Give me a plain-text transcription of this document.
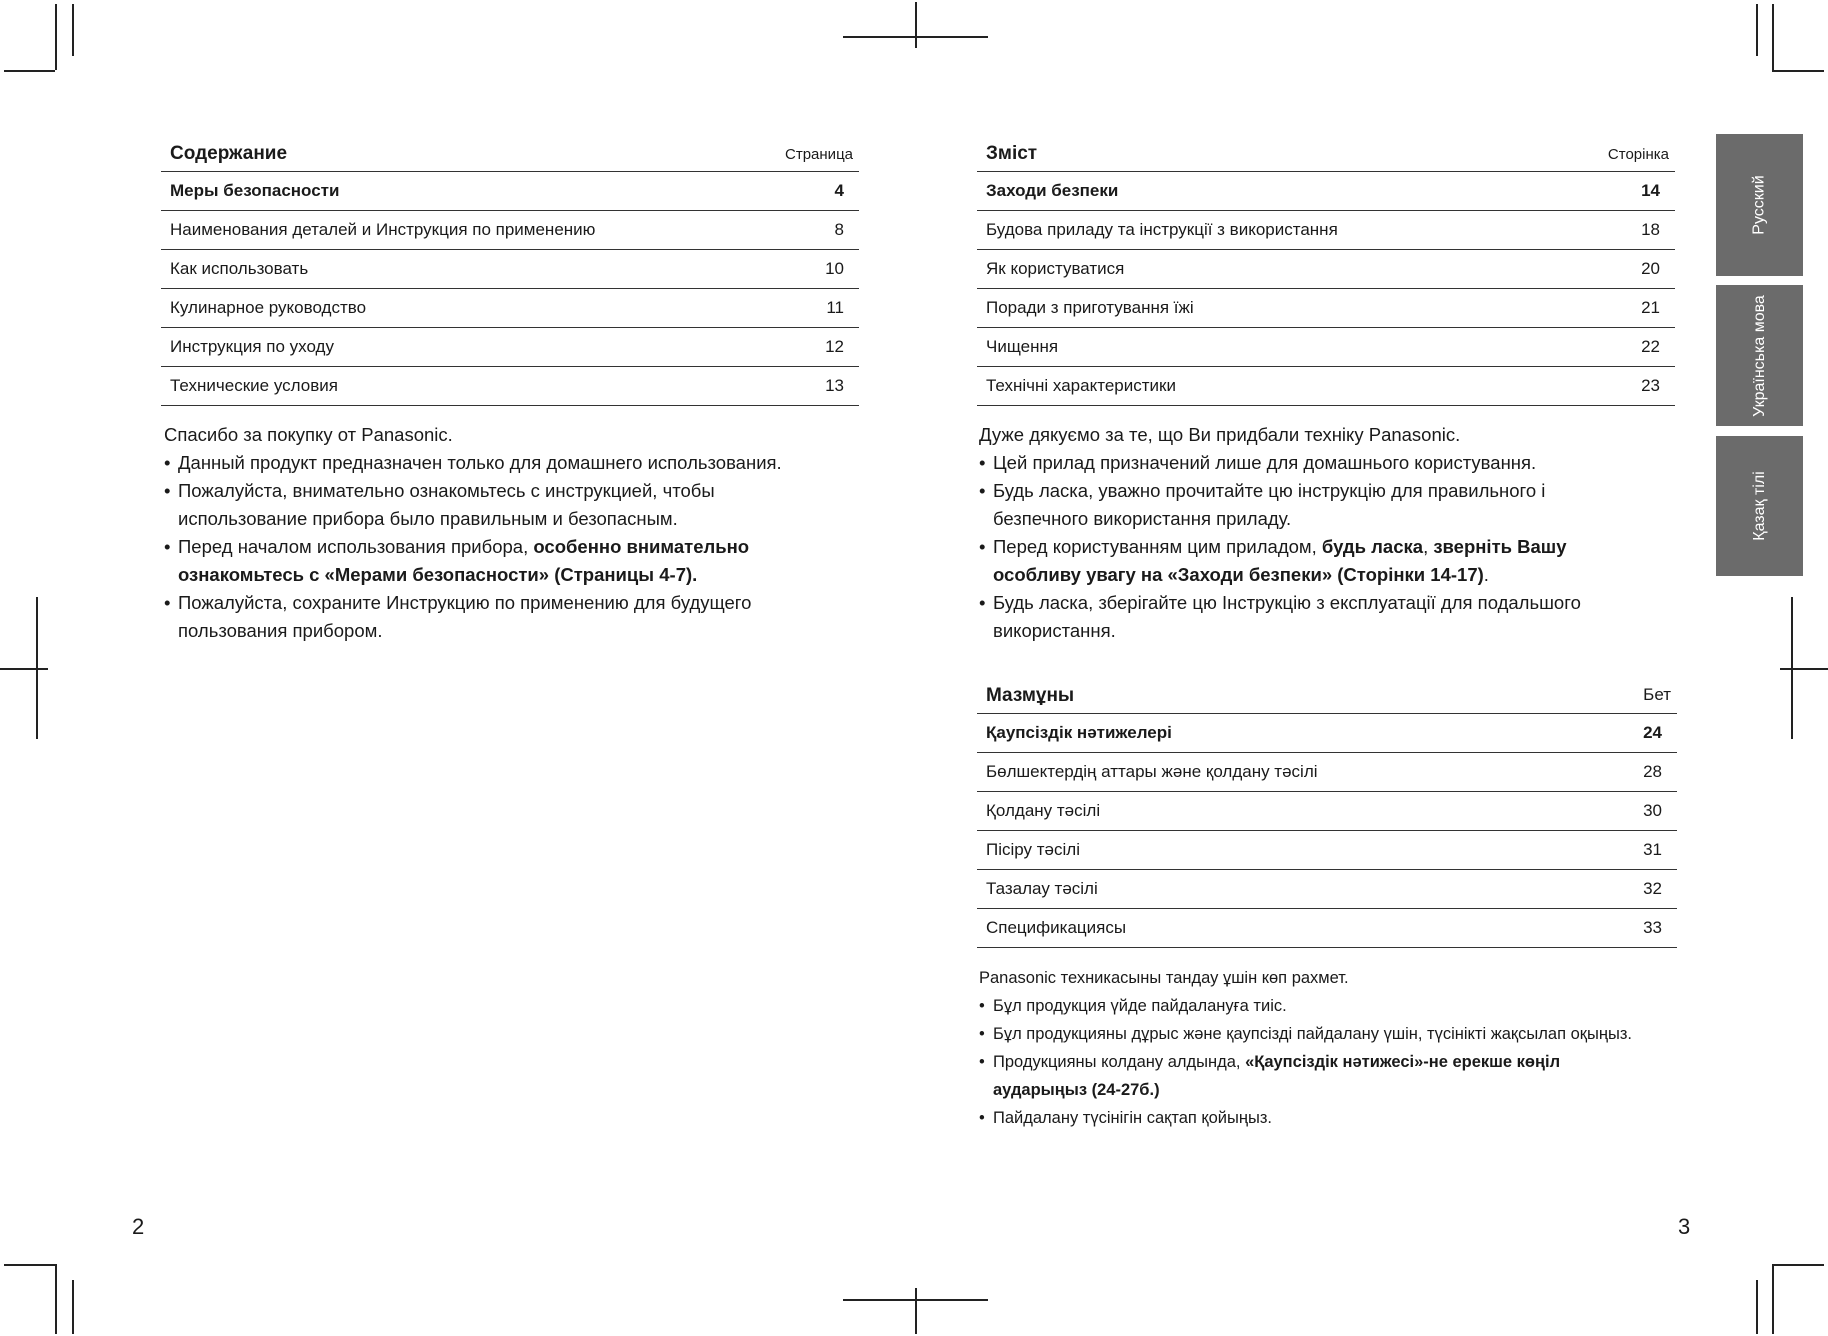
Содержание	Страница
Меры безопасности	4
Наименования деталей и Инструкция по применению	8
Как использовать	10
Кулинарное руководство	11
Инструкция по уходу	12
Технические условия	13

Спасибо за покупку от Panasonic.

• Данный продукт предназначен только для домашнего использования.

• Пожалуйста, внимательно ознакомьтесь с инструкцией, чтобы использование прибора было правильным и безопасным.

• Перед началом использования прибора, особенно внимательно ознакомьтесь с «Мерами безопасности» (Страницы 4-7).

• Пожалуйста, сохраните Инструкцию по применению для будущего пользования прибором.

2
Зміст	Сторінка
Заходи безпеки	14
Будова приладу та інструкції з використання	18
Як користуватися	20
Поради з приготування їжі	21
Чищення	22
Технічні характеристики	23

Дуже дякуємо за те, що Ви придбали техніку Panasonic.

• Цей прилад призначений лише для домашнього користування.

• Будь ласка, уважно прочитайте цю інструкцію для правильного і безпечного використання приладу.

• Перед користуванням цим приладом, будь ласка, зверніть Вашу особливу увагу на «Заходи безпеки» (Сторінки 14-17).

• Будь ласка, зберігайте цю Інструкцію з експлуатації для подальшого використання.

Мазмұны	Бет
Қаупсіздік нәтижелері	24
Бөлшектердің аттары және қолдану тәсілі	28
Қолдану тәсілі	30
Пісіру тәсілі	31
Тазалау тәсілі	32
Спецификациясы	33

Panasonic техникасыны тандау ұшін көп рахмет.

• Бұл продукция үйде пайдалануға тиіс.

• Бұл продукцияны дұрыс және қаупсізді пайдалану үшін, түсінікті жақсылап оқыңыз.

• Продукцияны колдану алдында, «Қаупсіздік нәтижесі»-не ерекше көңіл аударыңыз (24-27б.)

• Пайдалану түсінігін сақтап қойыңыз.

3
Русский
Українська мова
Қазақ тілі
